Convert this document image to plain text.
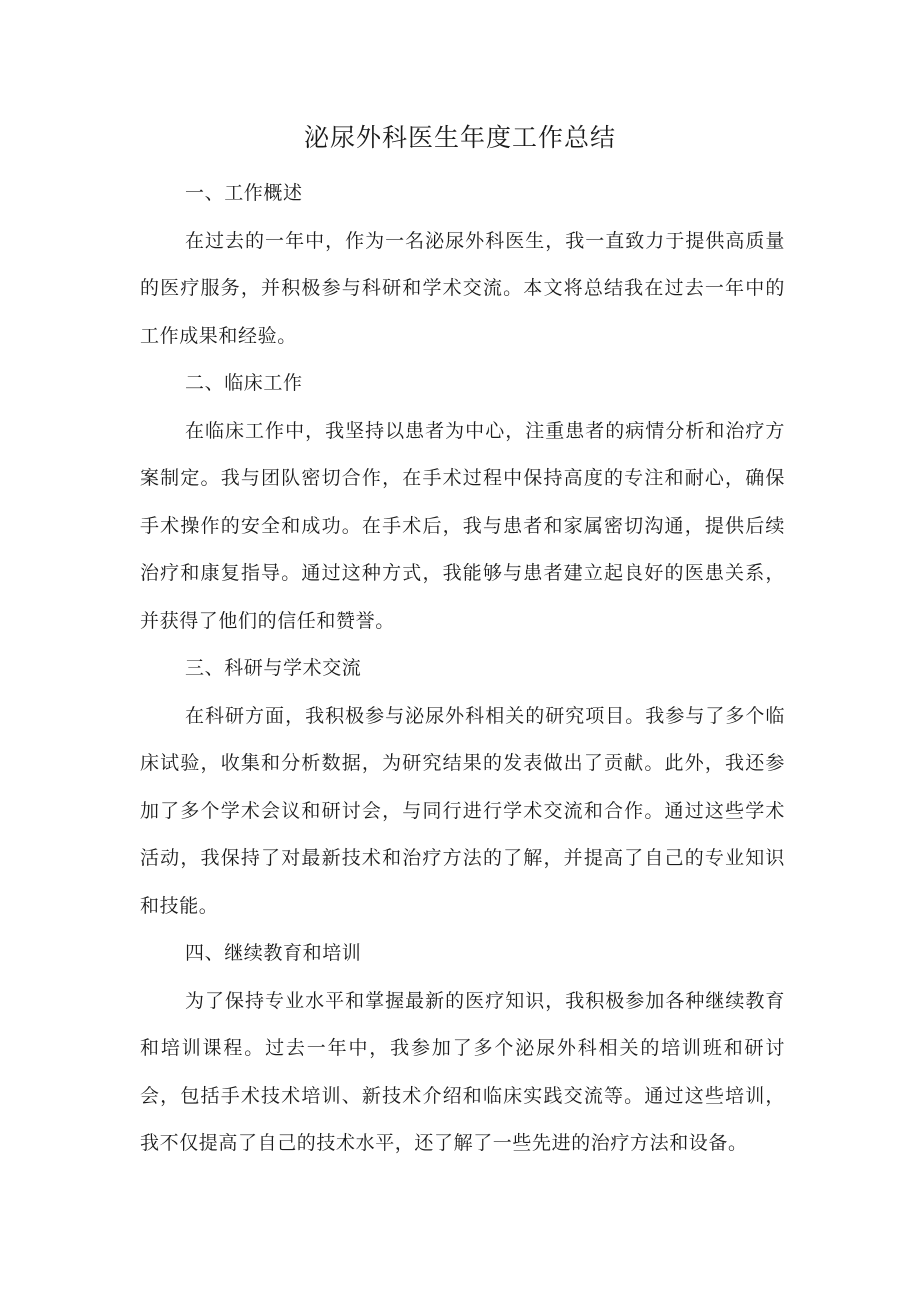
泌尿外科医生年度工作总结
一、工作概述

在过去的一年中，作为一名泌尿外科医生，我一直致力于提供高质量的医疗服务，并积极参与科研和学术交流。本文将总结我在过去一年中的工作成果和经验。

二、临床工作

在临床工作中，我坚持以患者为中心，注重患者的病情分析和治疗方案制定。我与团队密切合作，在手术过程中保持高度的专注和耐心，确保手术操作的安全和成功。在手术后，我与患者和家属密切沟通，提供后续治疗和康复指导。通过这种方式，我能够与患者建立起良好的医患关系，并获得了他们的信任和赞誉。

三、科研与学术交流

在科研方面，我积极参与泌尿外科相关的研究项目。我参与了多个临床试验，收集和分析数据，为研究结果的发表做出了贡献。此外，我还参加了多个学术会议和研讨会，与同行进行学术交流和合作。通过这些学术活动，我保持了对最新技术和治疗方法的了解，并提高了自己的专业知识和技能。

四、继续教育和培训

为了保持专业水平和掌握最新的医疗知识，我积极参加各种继续教育和培训课程。过去一年中，我参加了多个泌尿外科相关的培训班和研讨会，包括手术技术培训、新技术介绍和临床实践交流等。通过这些培训，我不仅提高了自己的技术水平，还了解了一些先进的治疗方法和设备。
